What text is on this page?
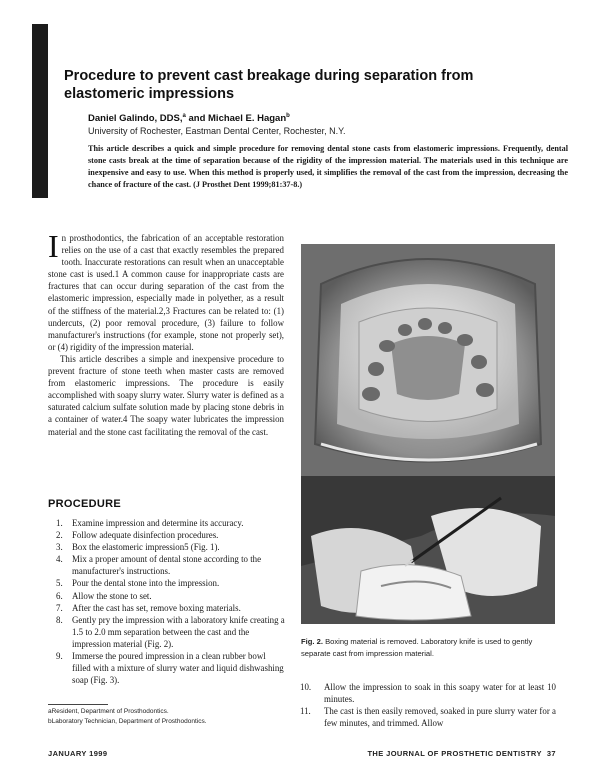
Procedure to prevent cast breakage during separation from elastomeric impressions
Daniel Galindo, DDS,$^a$ and Michael E. Hagan$^b$
University of Rochester, Eastman Dental Center, Rochester, N.Y.

This article describes a quick and simple procedure for removing dental stone casts from elastomeric impressions. Frequently, dental stone casts break at the time of separation because of the rigidity of the impression material. The materials used in this technique are inexpensive and easy to use. When this method is properly used, it simplifies the removal of the cast from the impression, decreasing the chance of fracture of the cast. (J Prosthet Dent 1999;81:37-8.)

In prosthodontics, the fabrication of an acceptable restoration relies on the use of a cast that exactly resembles the prepared tooth. Inaccurate restorations can result when an unacceptable stone cast is used.1 A common cause for inappropriate casts are fractures that can occur during separation of the cast from the elastomeric impression, especially made in polyether, as a result of the stiffness of the material.2,3 Fractures can be related to: (1) undercuts, (2) poor removal procedure, (3) failure to follow manufacturer's instructions (for example, stone not properly set), or (4) rigidity of the impression material.

This article describes a simple and inexpensive procedure to prevent fracture of stone teeth when master casts are removed from elastomeric impressions. The procedure is easily accomplished with soapy slurry water. Slurry water is defined as a saturated calcium sulfate solution made by placing stone debris in a container of water.4 The soapy water lubricates the impression material and the stone cast facilitating the removal of the cast.

PROCEDURE
1. Examine impression and determine its accuracy.
2. Follow adequate disinfection procedures.
3. Box the elastomeric impression5 (Fig. 1).
4. Mix a proper amount of dental stone according to the manufacturer's instructions.
5. Pour the dental stone into the impression.
6. Allow the stone to set.
7. After the cast has set, remove boxing materials.
8. Gently pry the impression with a laboratory knife creating a 1.5 to 2.0 mm separation between the cast and the impression material (Fig. 2).
9. Immerse the poured impression in a clean rubber bowl filled with a mixture of slurry water and liquid dishwashing soap (Fig. 3).
aResident, Department of Prosthodontics.
bLaboratory Technician, Department of Prosthodontics.

Fig. 2. Boxing material is removed. Laboratory knife is used to gently separate cast from impression material.

10. Allow the impression to soak in this soapy water for at least 10 minutes.
11. The cast is then easily removed, soaked in pure slurry water for a few minutes, and trimmed. Allow
JANUARY 1999	THE JOURNAL OF PROSTHETIC DENTISTRY 37
